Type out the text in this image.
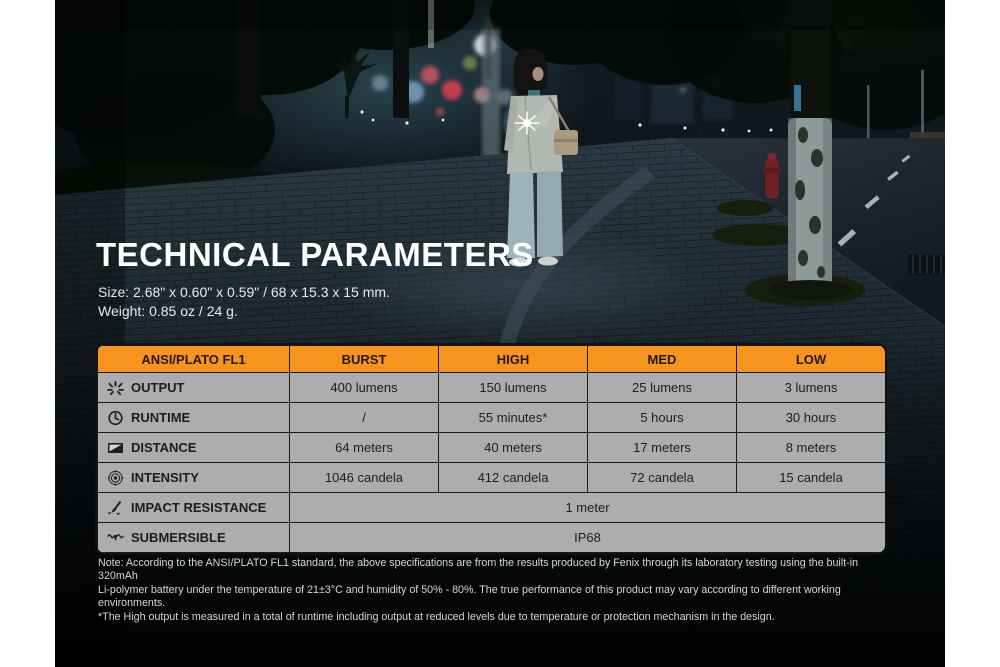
TECHNICAL PARAMETERS
Size: 2.68" x 0.60" x 0.59" / 68 x 15.3 x 15 mm.
Weight: 0.85 oz / 24 g.
ANSI/PLATO FL1	BURST	HIGH	MED	LOW

OUTPUT	400 lumens	150 lumens	25 lumens	3 lumens

RUNTIME	/	55 minutes*	5 hours	30 hours

DISTANCE	64 meters	40 meters	17 meters	8 meters

INTENSITY	1046 candela	412 candela	72 candela	15 candela

IMPACT RESISTANCE	1 meter			

SUBMERSIBLE	IP68			
Note: According to the ANSI/PLATO FL1 standard, the above specifications are from the results produced by Fenix through its laboratory testing using the built-in 320mAh
Li-polymer battery under the temperature of 21±3°C and humidity of 50% - 80%. The true performance of this product may vary according to different working environments.
*The High output is measured in a total of runtime including output at reduced levels due to temperature or protection mechanism in the design.
